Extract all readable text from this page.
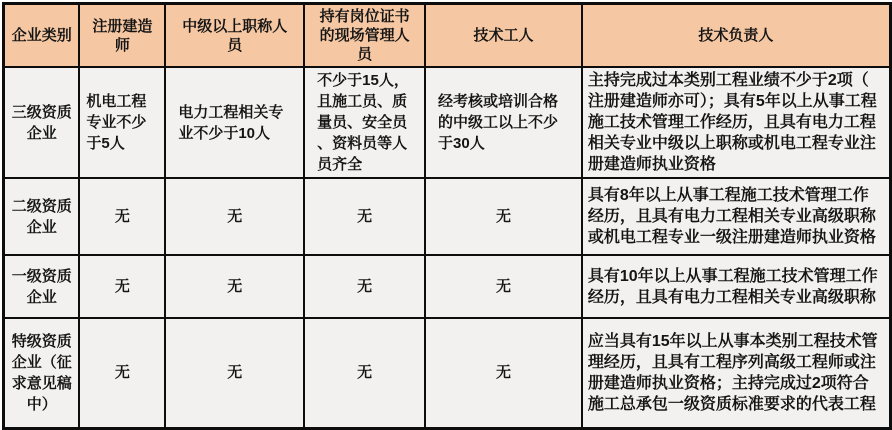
企业类别	注册建造师	中级以上职称人员	持有岗位证书的现场管理人员	技术工人	技术负责人
三级资质企业	机电工程专业不少于5人	电力工程相关专业不少于10人	不少于15人，且施工员、质量员、安全员、资料员等人员齐全	经考核或培训合格的中级工以上不少于30人	主持完成过本类别工程业绩不少于2项（注册建造师亦可）；具有5年以上从事工程施工技术管理工作经历，且具有电力工程相关专业中级以上职称或机电工程专业注册建造师执业资格
二级资质企业	无	无	无	无	具有8年以上从事工程施工技术管理工作经历，且具有电力工程相关专业高级职称或机电工程专业一级注册建造师执业资格
一级资质企业	无	无	无	无	具有10年以上从事工程施工技术管理工作经历，且具有电力工程相关专业高级职称
特级资质企业（征求意见稿中）	无	无	无	无	应当具有15年以上从事本类别工程技术管理经历，且具有工程序列高级工程师或注册建造师执业资格；主持完成过2项符合施工总承包一级资质标准要求的代表工程
